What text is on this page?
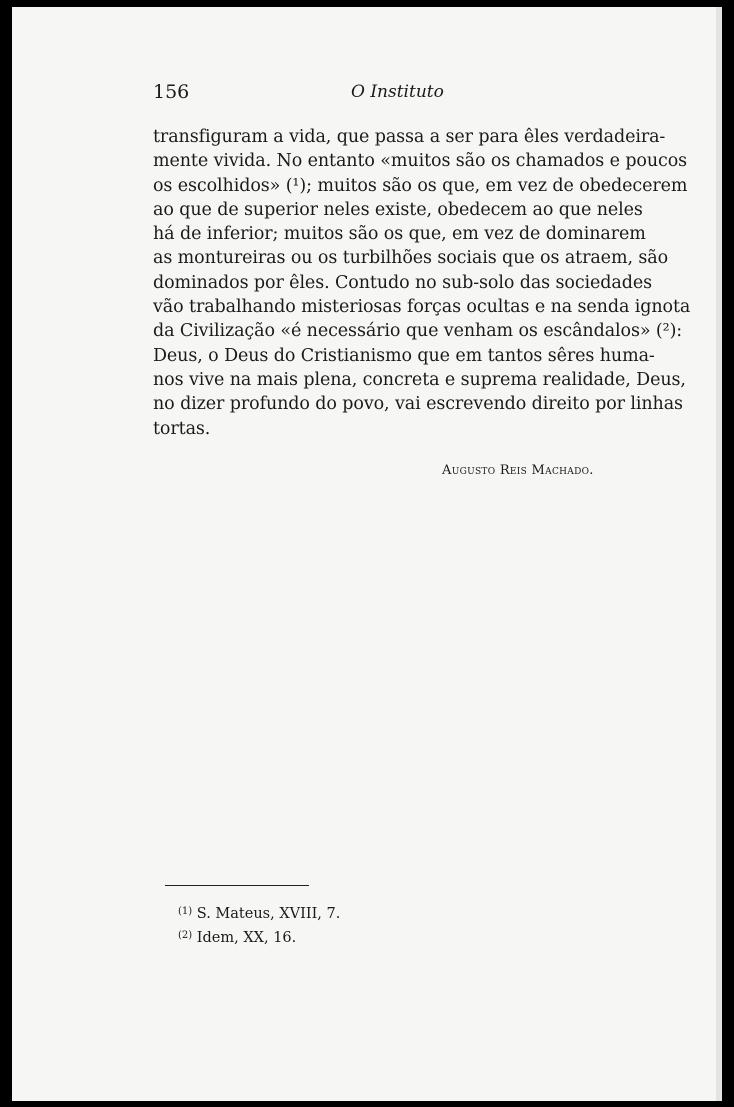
156	O Instituto
transfiguram a vida, que passa a ser para êles verdadeira-
mente vivida. No entanto «muitos são os chamados e poucos
os escolhidos» (¹); muitos são os que, em vez de obedecerem
ao que de superior neles existe, obedecem ao que neles
há de inferior; muitos são os que, em vez de dominarem
as montureiras ou os turbilhões sociais que os atraem, são
dominados por êles. Contudo no sub-solo das sociedades
vão trabalhando misteriosas forças ocultas e na senda ignota
da Civilização «é necessário que venham os escândalos» (²):
Deus, o Deus do Cristianismo que em tantos sêres huma-
nos vive na mais plena, concreta e suprema realidade, Deus,
no dizer profundo do povo, vai escrevendo direito por linhas
tortas.
Augusto Reis Machado.
$^{(1)}$ S. Mateus, XVIII, 7.
$^{(2)}$ Idem, XX, 16.
